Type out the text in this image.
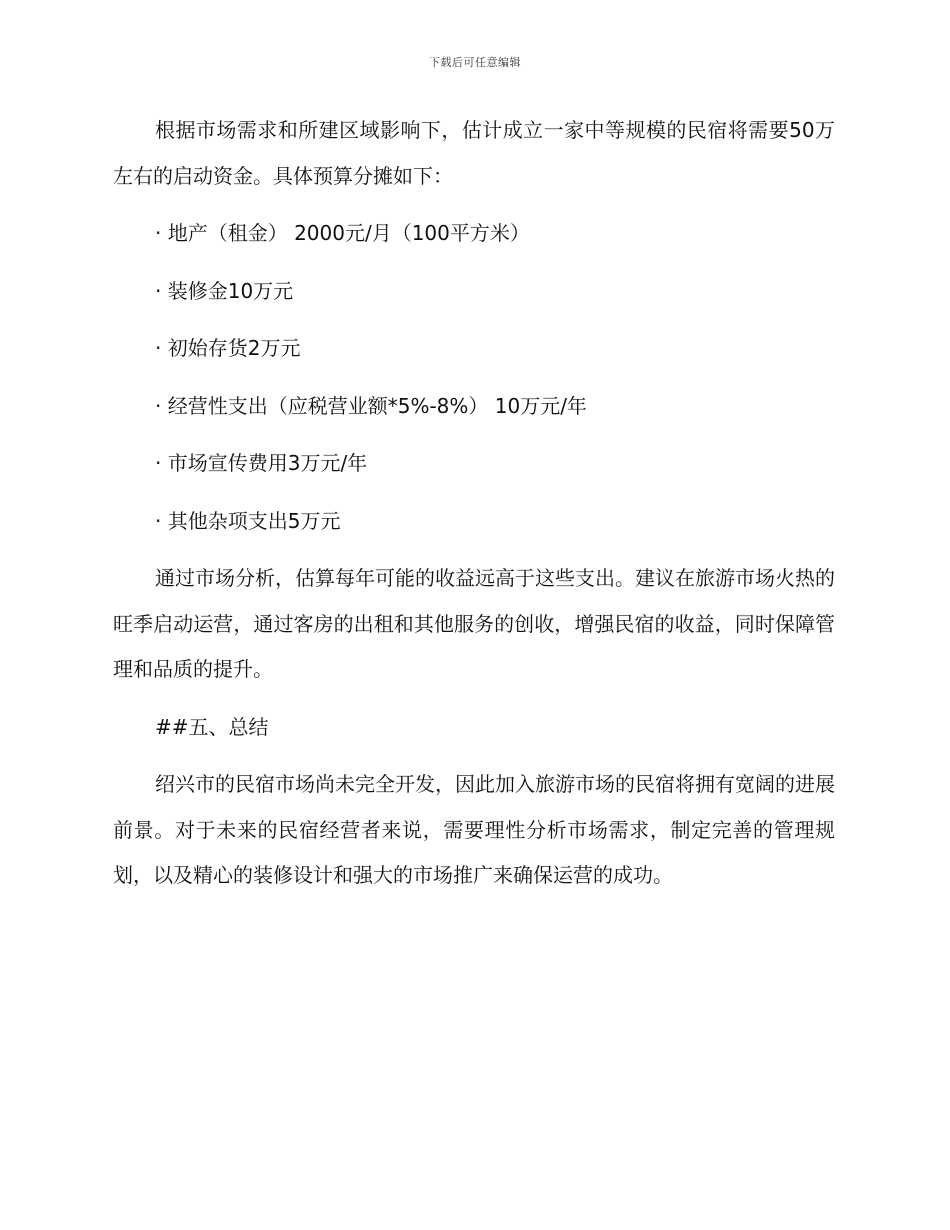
下载后可任意编辑

根据市场需求和所建区域影响下，估计成立一家中等规模的民宿将需要50万左右的启动资金。具体预算分摊如下：

· 地产（租金） 2000元/月（100平方米）
· 装修金10万元
· 初始存货2万元
· 经营性支出（应税营业额*5%-8%） 10万元/年
· 市场宣传费用3万元/年
· 其他杂项支出5万元

通过市场分析，估算每年可能的收益远高于这些支出。建议在旅游市场火热的旺季启动运营，通过客房的出租和其他服务的创收，增强民宿的收益，同时保障管理和品质的提升。

##五、总结

绍兴市的民宿市场尚未完全开发，因此加入旅游市场的民宿将拥有宽阔的进展前景。对于未来的民宿经营者来说，需要理性分析市场需求，制定完善的管理规划，以及精心的装修设计和强大的市场推广来确保运营的成功。
